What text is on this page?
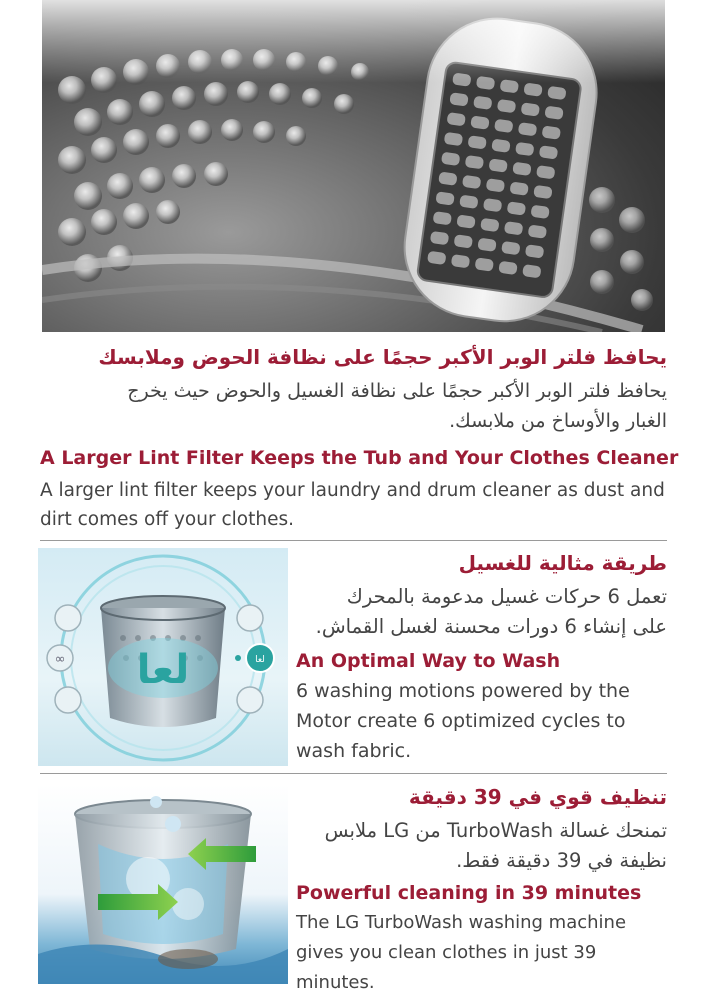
يحافظ فلتر الوبر الأكبر حجمًا على نظافة الحوض وملابسك
يحافظ فلتر الوبر الأكبر حجمًا على نظافة الغسيل والحوض حيث يخرج
الغبار والأوساخ من ملابسك.
A Larger Lint Filter Keeps the Tub and Your Clothes Cleaner
A larger lint filter keeps your laundry and drum cleaner as dust and
dirt comes off your clothes.
لعا
∞	لعا
طريقة مثالية للغسيل
تعمل 6 حركات غسيل مدعومة بالمحرك
على إنشاء 6 دورات محسنة لغسل القماش.
An Optimal Way to Wash
6 washing motions powered by the
Motor create 6 optimized cycles to
wash fabric.
تنظيف قوي في 39 دقيقة
تمنحك غسالة TurboWash من LG ملابس
نظيفة في 39 دقيقة فقط.
Powerful cleaning in 39 minutes
The LG TurboWash washing machine
gives you clean clothes in just 39 minutes.
